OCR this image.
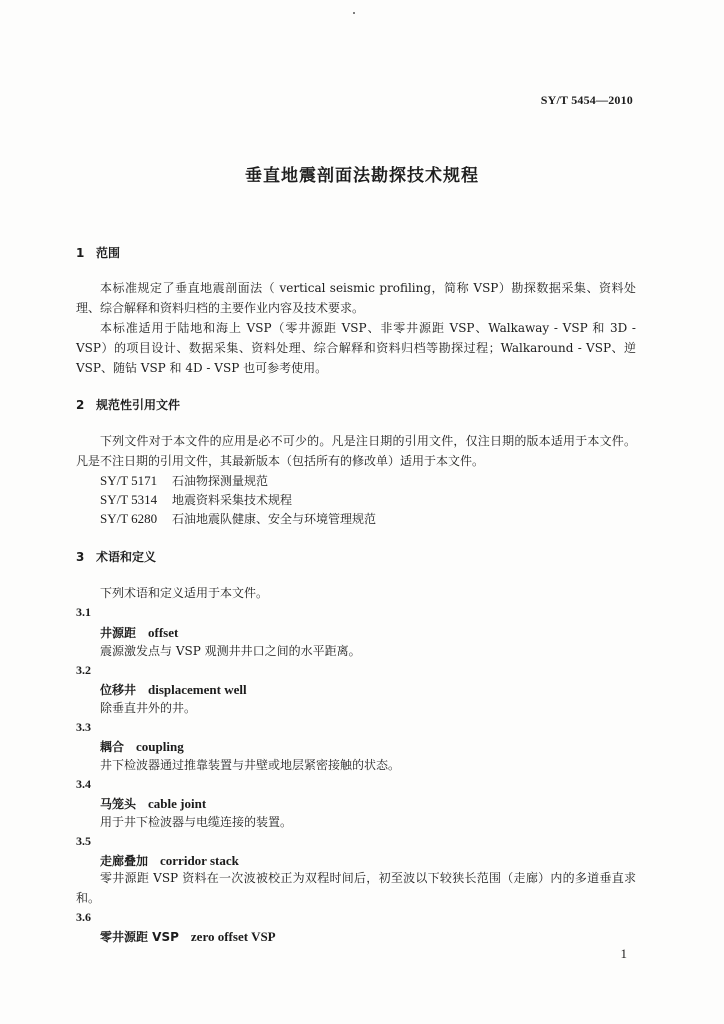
SY/T 5454—2010
垂直地震剖面法勘探技术规程
1 范围
本标准规定了垂直地震剖面法（ vertical seismic profiling，简称 VSP）勘探数据采集、资料处理、综合解释和资料归档的主要作业内容及技术要求。
本标准适用于陆地和海上 VSP（零井源距 VSP、非零井源距 VSP、Walkaway - VSP 和 3D - VSP）的项目设计、数据采集、资料处理、综合解释和资料归档等勘探过程；Walkaround - VSP、逆 VSP、随钻 VSP 和 4D - VSP 也可参考使用。
2 规范性引用文件
下列文件对于本文件的应用是必不可少的。凡是注日期的引用文件，仅注日期的版本适用于本文件。凡是不注日期的引用文件，其最新版本（包括所有的修改单）适用于本文件。
SY/T 5171 石油物探测量规范
SY/T 5314 地震资料采集技术规程
SY/T 6280 石油地震队健康、安全与环境管理规范
3 术语和定义
下列术语和定义适用于本文件。
3.1
井源距 offset
震源激发点与 VSP 观测井井口之间的水平距离。
3.2
位移井 displacement well
除垂直井外的井。
3.3
耦合 coupling
井下检波器通过推靠装置与井壁或地层紧密接触的状态。
3.4
马笼头 cable joint
用于井下检波器与电缆连接的装置。
3.5
走廊叠加 corridor stack
零井源距 VSP 资料在一次波被校正为双程时间后，初至波以下较狭长范围（走廊）内的多道垂直求和。
3.6
零井源距 VSP zero offset VSP
1
